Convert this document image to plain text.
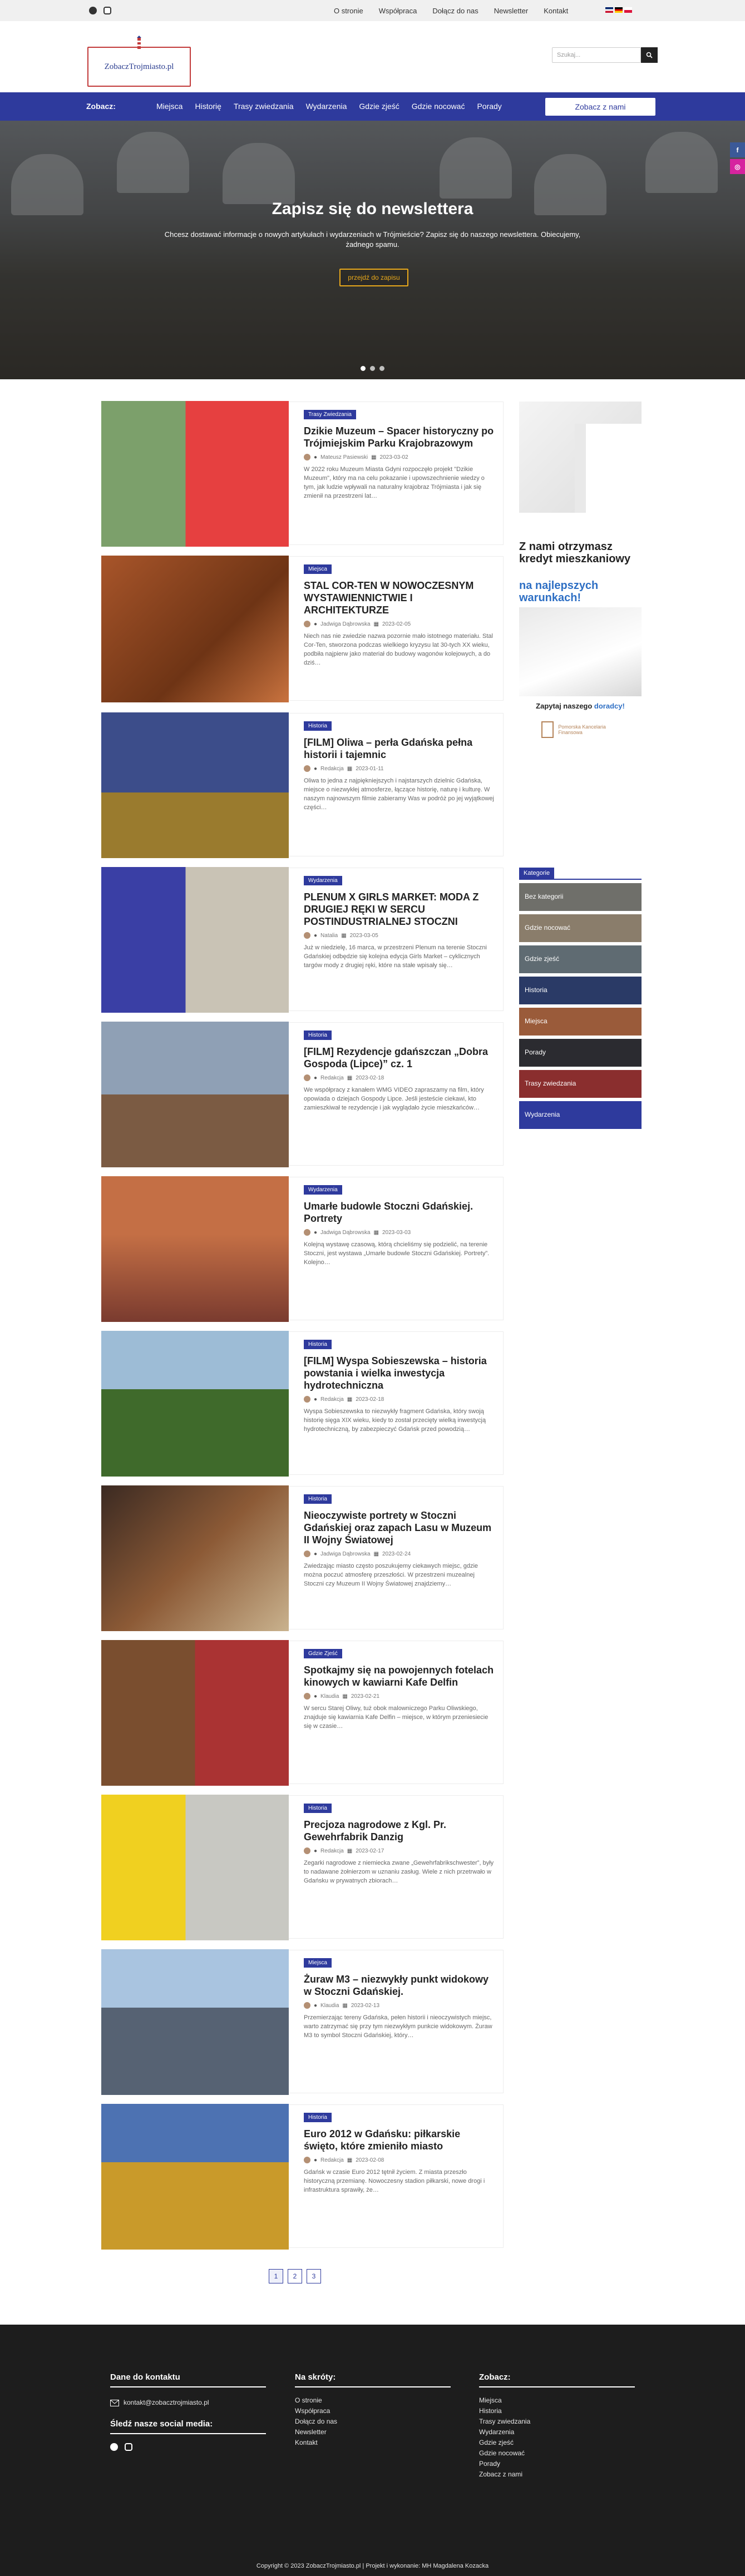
O stronie Współpraca Dołącz do nas Newsletter Kontakt
ZobaczTrojmiasto.pl
Szukaj...
Zobacz:	Miejsca Historię Trasy zwiedzania Wydarzenia Gdzie zjeść Gdzie nocować Porady	Zobacz z nami
Zapisz się do newslettera

Chcesz dostawać informacje o nowych artykułach i wydarzeniach w Trójmieście? Zapisz się do naszego newslettera. Obiecujemy, żadnego spamu.

przejdź do zapisu
f
◎
Z nami otrzymasz kredyt mieszkaniowy
na najlepszych warunkach!
Zapytaj naszego doradcy!
Pomorska Kancelaria Finansowa
Kategorie
Bez kategorii
Gdzie nocować
Gdzie zjeść
Historia
Miejsca
Porady
Trasy zwiedzania
Wydarzenia
Trasy Zwiedzania
Dzikie Muzeum – Spacer historyczny po Trójmiejskim Parku Krajobrazowym
● Mateusz Pasiewski ▦ 2023-03-02

W 2022 roku Muzeum Miasta Gdyni rozpoczęło projekt "Dzikie Muzeum", który ma na celu pokazanie i upowszechnienie wiedzy o tym, jak ludzie wpływali na naturalny krajobraz Trójmiasta i jak się zmienił na przestrzeni lat…

Miejsca
STAL COR-TEN W NOWOCZESNYM WYSTAWIENNICTWIE I ARCHITEKTURZE
● Jadwiga Dąbrowska ▦ 2023-02-05

Niech nas nie zwiedzie nazwa pozornie mało istotnego materiału. Stal Cor-Ten, stworzona podczas wielkiego kryzysu lat 30-tych XX wieku, podbiła najpierw jako materiał do budowy wagonów kolejowych, a do dziś…

Historia
[FILM] Oliwa – perła Gdańska pełna historii i tajemnic
● Redakcja ▦ 2023-01-11

Oliwa to jedna z najpiękniejszych i najstarszych dzielnic Gdańska, miejsce o niezwykłej atmosferze, łączące historię, naturę i kulturę. W naszym najnowszym filmie zabieramy Was w podróż po jej wyjątkowej części…

Wydarzenia
PLENUM X GIRLS MARKET: MODA Z DRUGIEJ RĘKI W SERCU POSTINDUSTRIALNEJ STOCZNI
● Natalia ▦ 2023-03-05

Już w niedzielę, 16 marca, w przestrzeni Plenum na terenie Stoczni Gdańskiej odbędzie się kolejna edycja Girls Market – cyklicznych targów mody z drugiej ręki, które na stałe wpisały się…

Historia
[FILM] Rezydencje gdańszczan „Dobra Gospoda (Lipce)” cz. 1
● Redakcja ▦ 2023-02-18

We współpracy z kanałem WMG VIDEO zapraszamy na film, który opowiada o dziejach Gospody Lipce. Jeśli jesteście ciekawi, kto zamieszkiwał te rezydencje i jak wyglądało życie mieszkańców…

Wydarzenia
Umarłe budowle Stoczni Gdańskiej. Portrety
● Jadwiga Dąbrowska ▦ 2023-03-03

Kolejną wystawę czasową, którą chcieliśmy się podzielić, na terenie Stoczni, jest wystawa „Umarłe budowle Stoczni Gdańskiej. Portrety”. Kolejno…

Historia
[FILM] Wyspa Sobieszewska – historia powstania i wielka inwestycja hydrotechniczna
● Redakcja ▦ 2023-02-18

Wyspa Sobieszewska to niezwykły fragment Gdańska, który swoją historię sięga XIX wieku, kiedy to został przecięty wielką inwestycją hydrotechniczną, by zabezpieczyć Gdańsk przed powodzią…

Historia
Nieoczywiste portrety w Stoczni Gdańskiej oraz zapach Lasu w Muzeum II Wojny Światowej
● Jadwiga Dąbrowska ▦ 2023-02-24

Zwiedzając miasto często poszukujemy ciekawych miejsc, gdzie można poczuć atmosferę przeszłości. W przestrzeni muzealnej Stoczni czy Muzeum II Wojny Światowej znajdziemy…

Gdzie Zjeść
Spotkajmy się na powojennych fotelach kinowych w kawiarni Kafe Delfin
● Klaudia ▦ 2023-02-21

W sercu Starej Oliwy, tuż obok malowniczego Parku Oliwskiego, znajduje się kawiarnia Kafe Delfin – miejsce, w którym przeniesiecie się w czasie…

Historia
Precjoza nagrodowe z Kgl. Pr. Gewehrfabrik Danzig
● Redakcja ▦ 2023-02-17

Zegarki nagrodowe z niemiecka zwane „Gewehrfabrikschwester”, były to nadawane żołnierzom w uznaniu zasług. Wiele z nich przetrwało w Gdańsku w prywatnych zbiorach…

Miejsca
Żuraw M3 – niezwykły punkt widokowy w Stoczni Gdańskiej.
● Klaudia ▦ 2023-02-13

Przemierzając tereny Gdańska, pełen historii i nieoczywistych miejsc, warto zatrzymać się przy tym niezwykłym punkcie widokowym. Żuraw M3 to symbol Stoczni Gdańskiej, który…

Historia
Euro 2012 w Gdańsku: piłkarskie święto, które zmieniło miasto
● Redakcja ▦ 2023-02-08

Gdańsk w czasie Euro 2012 tętnił życiem. Z miasta przeszło historyczną przemianę. Nowoczesny stadion piłkarski, nowe drogi i infrastruktura sprawiły, że…

1	2	3
Dane do kontaktu
kontakt@zobacztrojmiasto.pl
Śledź nasze social media:
Na skróty:
O stronie
Współpraca
Dołącz do nas
Newsletter
Kontakt
Zobacz:
Miejsca
Historia
Trasy zwiedzania
Wydarzenia
Gdzie zjeść
Gdzie nocować
Porady
Zobacz z nami
Copyright © 2023 ZobaczTrojmiasto.pl | Projekt i wykonanie: MH Magdalena Kozacka
